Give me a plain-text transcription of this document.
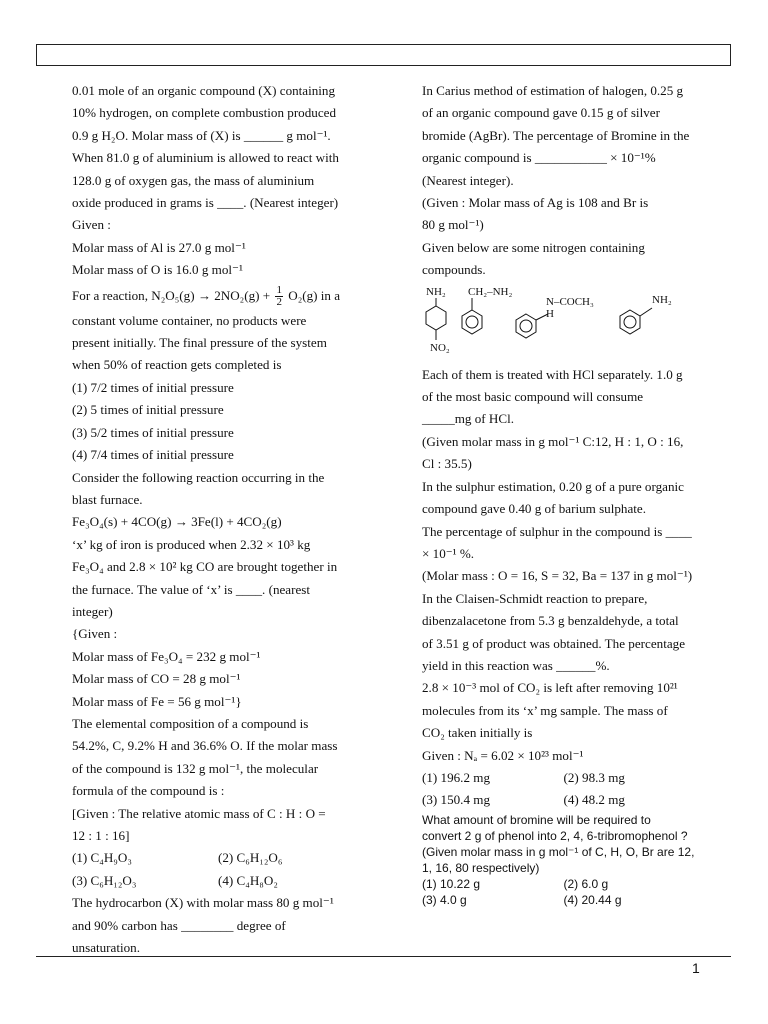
0.01 mole of an organic compound (X) containing
10% hydrogen, on complete combustion produced
0.9 g H₂O. Molar mass of (X) is ______ g mol⁻¹.
When 81.0 g of aluminium is allowed to react with
128.0 g of oxygen gas, the mass of aluminium
oxide produced in grams is ____. (Nearest integer)
Given :
Molar mass of Al is 27.0 g mol⁻¹
Molar mass of O is 16.0 g mol⁻¹
For a reaction, $N_2O_5(g) \to 2NO_2(g) + \frac{1}{2} O_2(g)$ in a
constant volume container, no products were
present initially. The final pressure of the system
when 50% of reaction gets completed is
(1) 7/2 times of initial pressure
(2) 5 times of initial pressure
(3) 5/2 times of initial pressure
(4) 7/4 times of initial pressure
Consider the following reaction occurring in the
blast furnace.
Fe₃O₄(s) + 4CO(g) → 3Fe(l) + 4CO₂(g)
‘x’ kg of iron is produced when 2.32 × 10³ kg
Fe₃O₄ and 2.8 × 10² kg CO are brought together in
the furnace. The value of ‘x’ is ____. (nearest
integer)
{Given :
Molar mass of Fe₃O₄ = 232 g mol⁻¹
Molar mass of CO = 28 g mol⁻¹
Molar mass of Fe = 56 g mol⁻¹}
The elemental composition of a compound is
54.2%, C, 9.2% H and 36.6% O. If the molar mass
of the compound is 132 g mol⁻¹, the molecular
formula of the compound is :
[Given : The relative atomic mass of C : H : O =
12 : 1 : 16]
(1) C₄H₉O₃	(2) C₆H₁₂O₆
(3) C₆H₁₂O₃	(4) C₄H₈O₂
The hydrocarbon (X) with molar mass 80 g mol⁻¹
and 90% carbon has ________ degree of
unsaturation.
In Carius method of estimation of halogen, 0.25 g
of an organic compound gave 0.15 g of silver
bromide (AgBr). The percentage of Bromine in the
organic compound is ___________ × 10⁻¹%
(Nearest integer).
(Given : Molar mass of Ag is 108 and Br is
80 g mol⁻¹)
Given below are some nitrogen containing
compounds.
NH₂
NO₂
CH₂–NH₂
N–COCH₃
H
NH₂
Each of them is treated with HCl separately. 1.0 g
of the most basic compound will consume
_____mg of HCl.
(Given molar mass in g mol⁻¹ C:12, H : 1, O : 16,
Cl : 35.5)
In the sulphur estimation, 0.20 g of a pure organic
compound gave 0.40 g of barium sulphate.
The percentage of sulphur in the compound is ____
× 10⁻¹ %.
(Molar mass : O = 16, S = 32, Ba = 137 in g mol⁻¹)
In the Claisen-Schmidt reaction to prepare,
dibenzalacetone from 5.3 g benzaldehyde, a total
of 3.51 g of product was obtained. The percentage
yield in this reaction was ______%.
2.8 × 10⁻³ mol of CO₂ is left after removing 10²¹
molecules from its ‘x’ mg sample. The mass of
CO₂ taken initially is
Given : Nₐ = 6.02 × 10²³ mol⁻¹
(1) 196.2 mg	(2) 98.3 mg
(3) 150.4 mg	(4) 48.2 mg
What amount of bromine will be required to
convert 2 g of phenol into 2, 4, 6-tribromophenol ?
(Given molar mass in g mol⁻¹ of C, H, O, Br are 12,
1, 16, 80 respectively)
(1) 10.22 g	(2) 6.0 g
(3) 4.0 g	(4) 20.44 g
1
